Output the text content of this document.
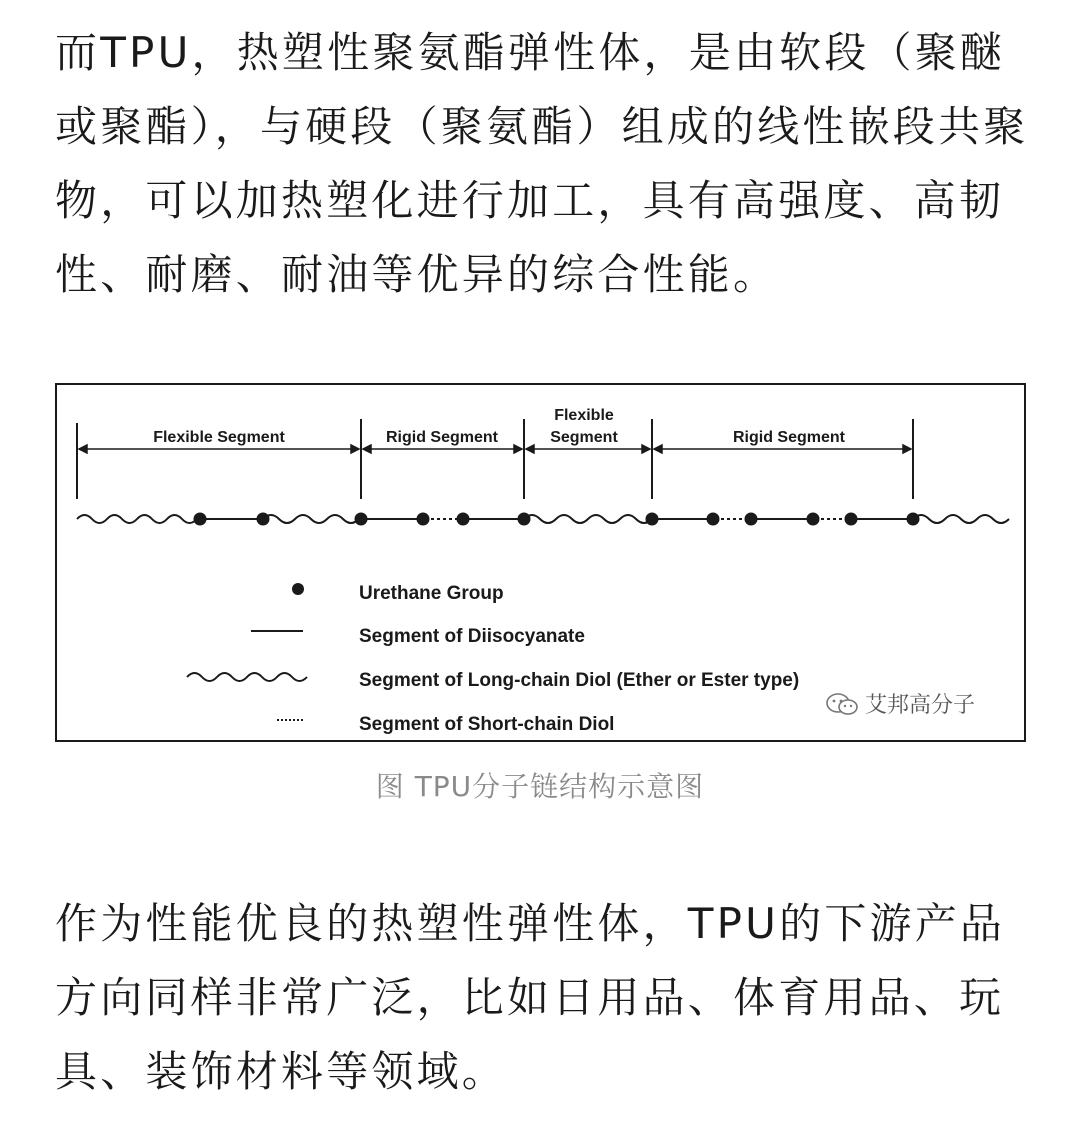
而TPU，热塑性聚氨酯弹性体，是由软段（聚醚或聚酯），与硬段（聚氨酯）组成的线性嵌段共聚物，可以加热塑化进行加工，具有高强度、高韧性、耐磨、耐油等优异的综合性能。

Flexible Segment	Rigid Segment
Flexible
Segment	Rigid Segment
Urethane Group
Segment of Diisocyanate
Segment of Long-chain Diol (Ether or Ester type)
Segment of Short-chain Diol
艾邦高分子
图 TPU分子链结构示意图

作为性能优良的热塑性弹性体，TPU的下游产品方向同样非常广泛，比如日用品、体育用品、玩具、装饰材料等领域。
